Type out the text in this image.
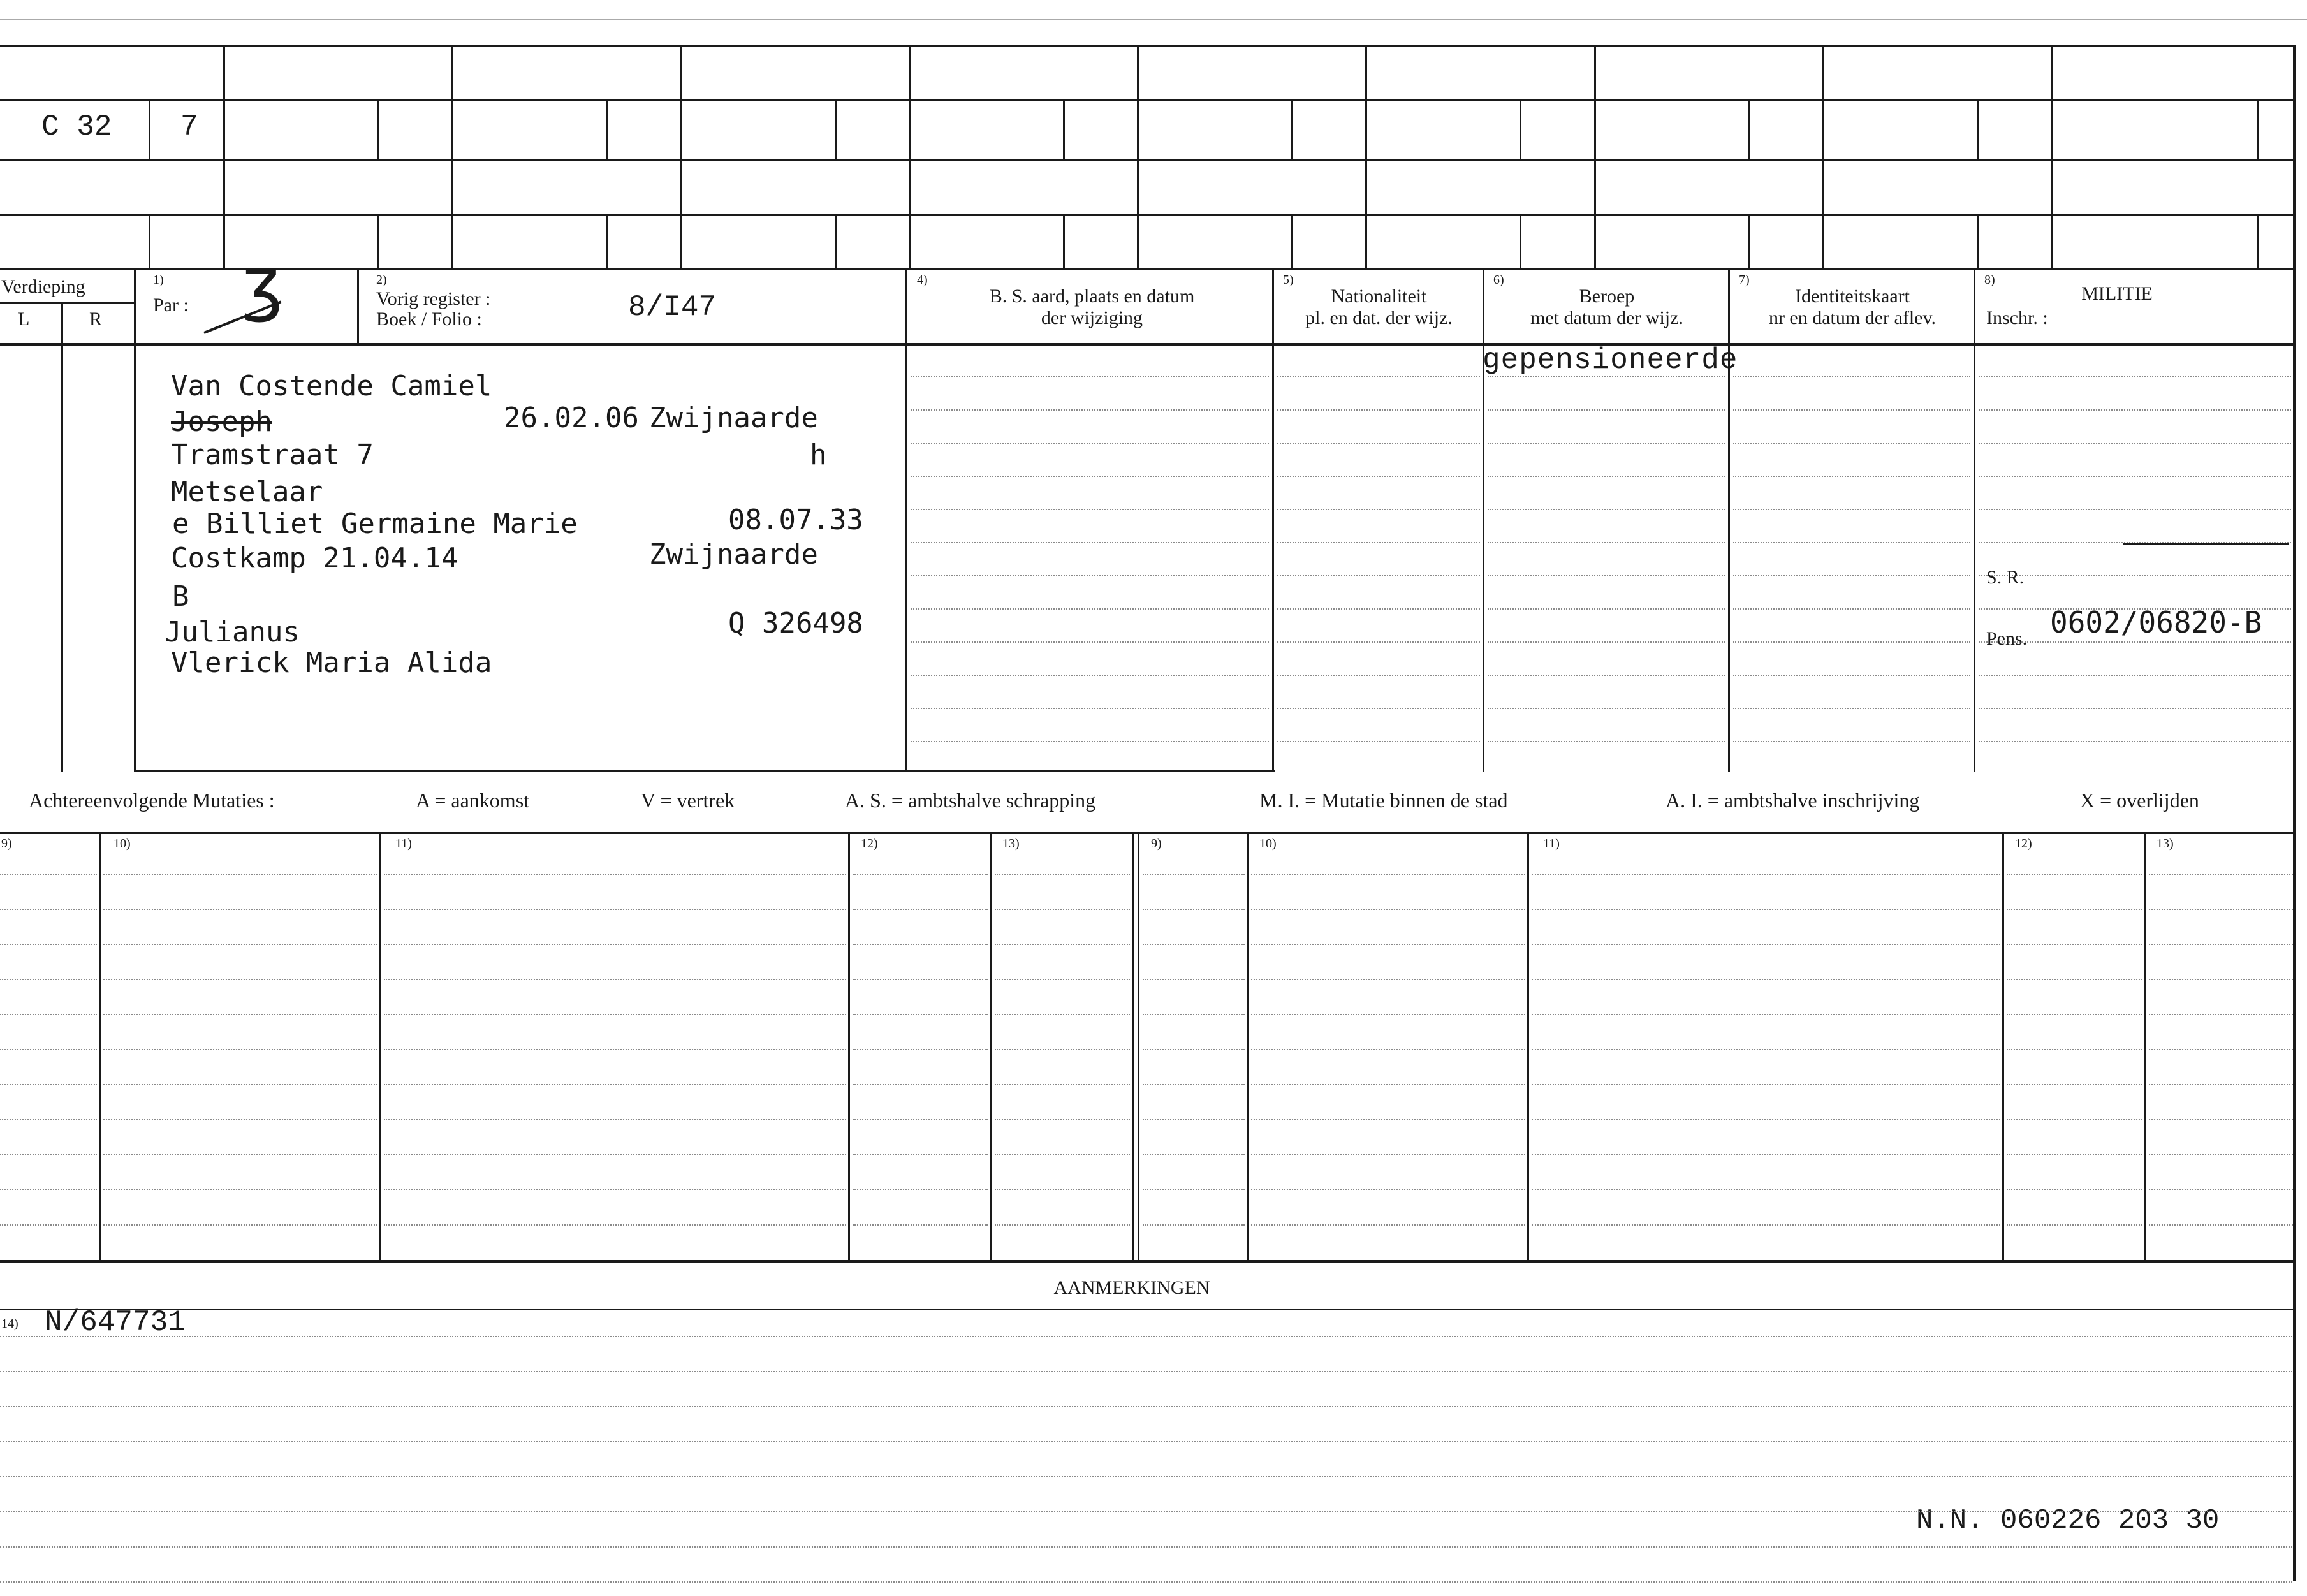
C 32 7
Verdieping
L	R
1)
Par : ʒ	2)
Vorig register :
Boek / Folio :	8/I47
4)
B. S. aard, plaats en datum
der wijziging
5)
Nationaliteit
pl. en dat. der wijz.
6)
Beroep
met datum der wijz.
7)
Identiteitskaart
nr en datum der aflev.
8)
MILITIE
Inschr. :
Van Costende Camiel
Joseph	26.02.06 Zwijnaarde
Tramstraat 7	h
Metselaar
e Billiet Germaine Marie	08.07.33
Costkamp 21.04.14	Zwijnaarde
B
Julianus	Q 326498
Vlerick Maria Alida
gepensioneerde
S. R.
Pens. 0602/06820-B
Achtereenvolgende Mutaties :	A = aankomst	V = vertrek	A. S. = ambtshalve schrapping	M. I. = Mutatie binnen de stad	A. I. = ambtshalve inschrijving	X = overlijden
9)	10)	11)	12)	13)	9)	10)	11)	12)	13)
AANMERKINGEN
14) N/647731
N.N. 060226 203 30
